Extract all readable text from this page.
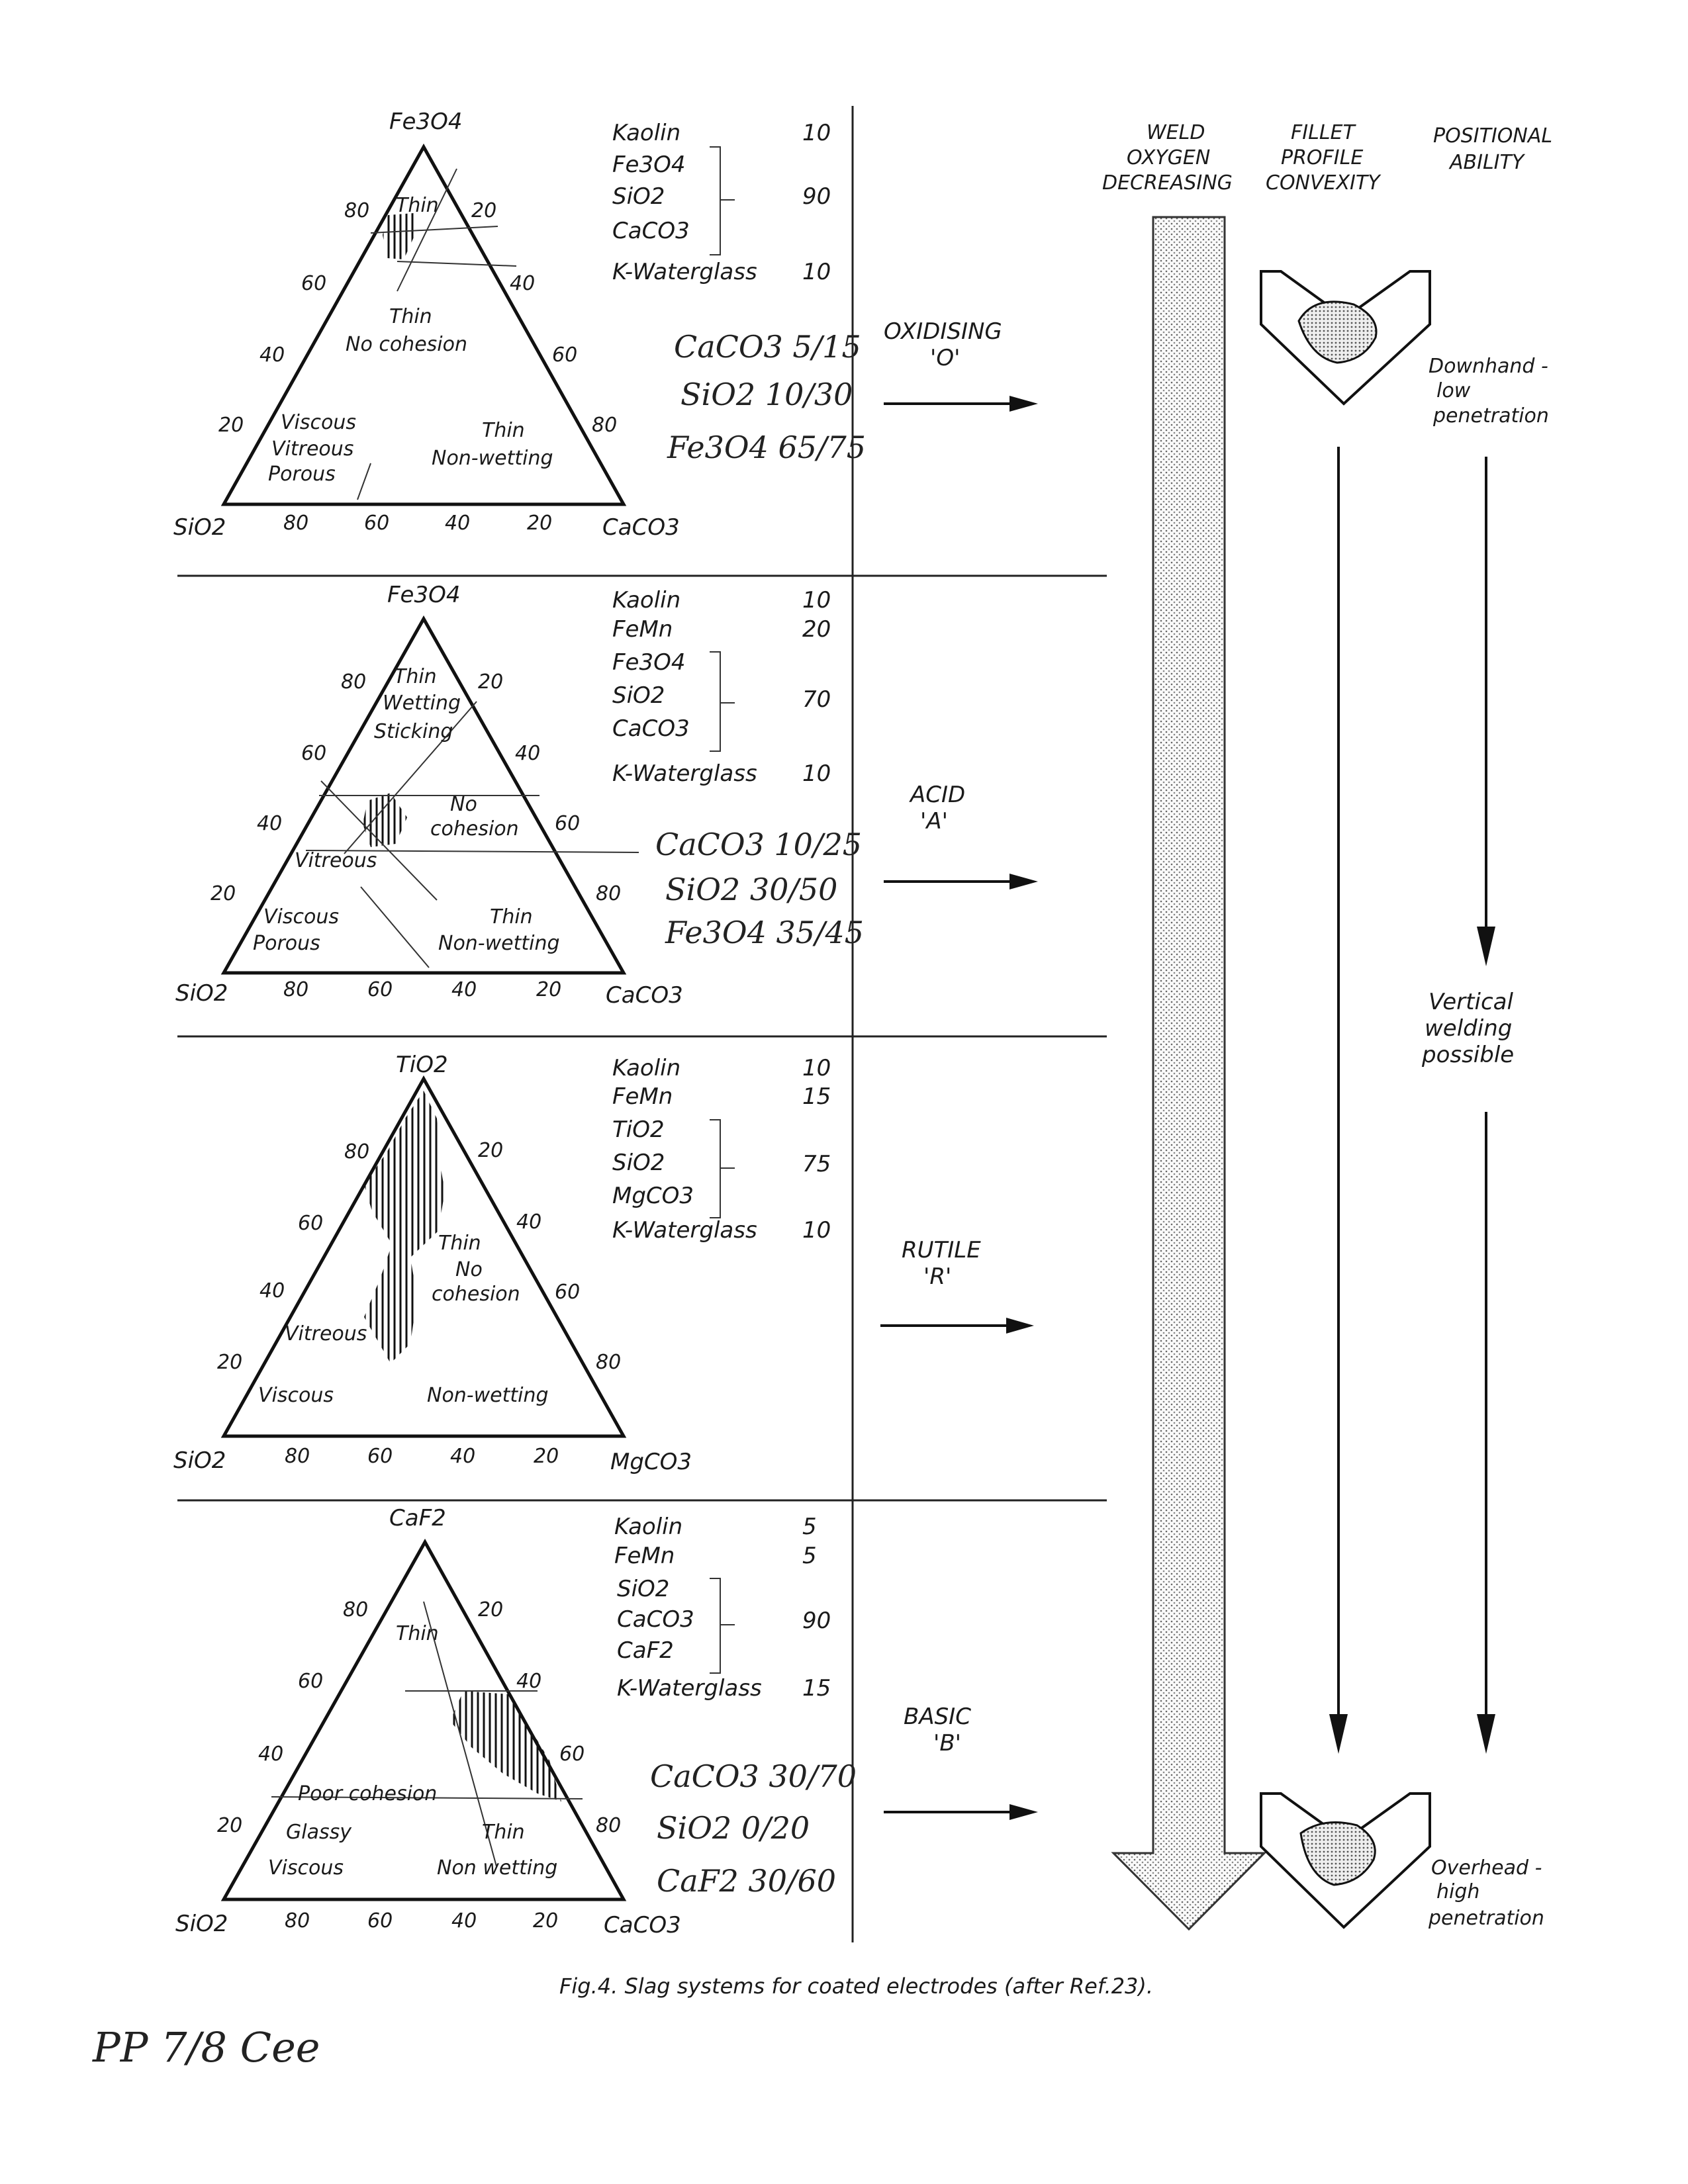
Fe3O4
SiO2	CaCO3
80
60
40
20
20
40
60
80
80	60	40	20
Thin
Thin
No cohesion
Viscous
Vitreous
Porous
Thin
Non-wetting
Kaolin	10
Fe3O4
SiO2	90
CaCO3
K-Waterglass 10
CaCO3 5/15
SiO2 10/30
Fe3O4 65/75
OXIDISING
'O'
Fe3O4
SiO2	CaCO3
80
60
40
20
20
40
60
80
80	60	40	20
Thin
Wetting
Sticking
No
cohesion
Vitreous
Viscous
Porous
Thin
Non-wetting
Kaolin	10
FeMn	20
Fe3O4
SiO2	70
CaCO3
K-Waterglass 10
CaCO3 10/25
SiO2 30/50
Fe3O4 35/45
ACID
'A'
TiO2
SiO2	MgCO3
80
60
40
20
20
40
60
80
80	60	40	20
Thin
No
cohesion
Vitreous
Viscous	Non-wetting
Kaolin	10
FeMn	15
TiO2
SiO2	75
MgCO3
K-Waterglass 10
RUTILE
'R'
CaF2
SiO2	CaCO3
80
60
40
20
20
40
60
80
80	60	40	20
Thin
Poor cohesion
Glassy
Viscous
Thin
Non wetting
Kaolin	5
FeMn	5
SiO2
CaCO3	90
CaF2
K-Waterglass 15
CaCO3 30/70
SiO2 0/20
CaF2 30/60
BASIC
'B'
WELD
OXYGEN
DECREASING
FILLET
PROFILE
CONVEXITY
POSITIONAL
ABILITY
Downhand -
low
penetration
Vertical
welding
possible
Overhead -
high
penetration
Fig.4. Slag systems for coated electrodes (after Ref.23).
PP 7/8 Cee
